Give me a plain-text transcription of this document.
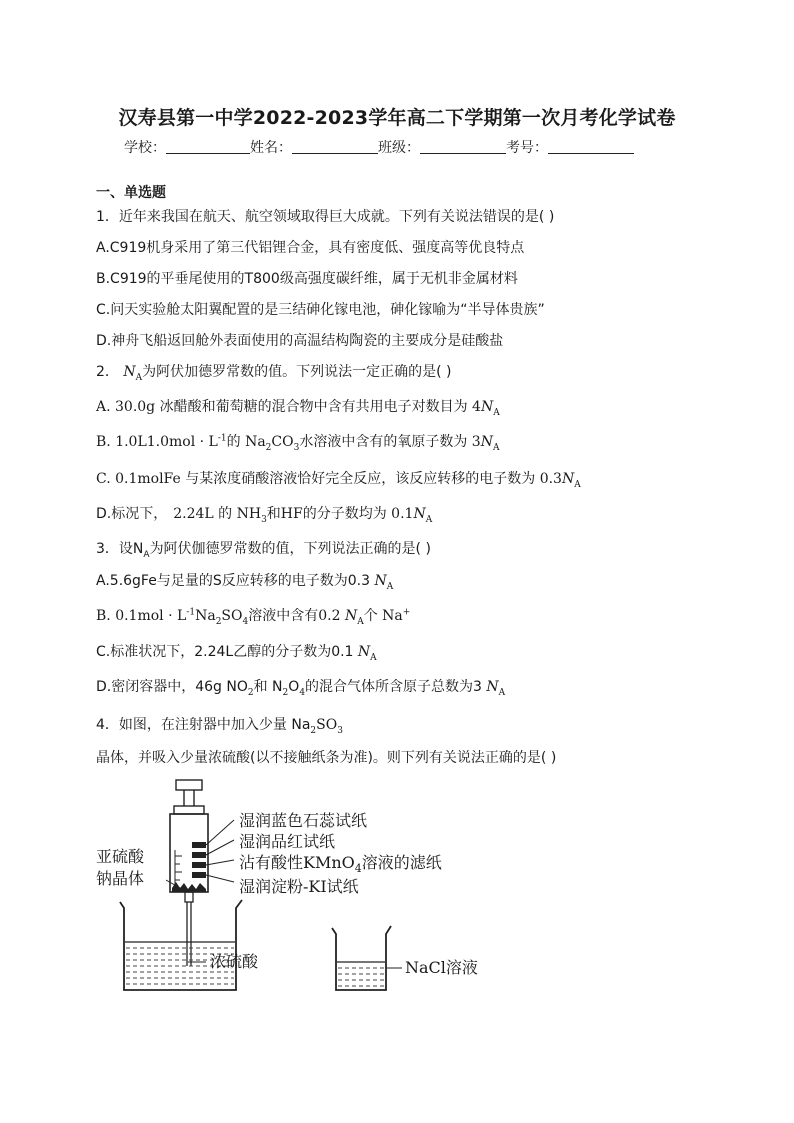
汉寿县第一中学2022-2023学年高二下学期第一次月考化学试卷
学校：	姓名：	班级：	考号：
一、单选题
1．近年来我国在航天、航空领域取得巨大成就。下列有关说法错误的是( )
A.C919机身采用了第三代铝锂合金，具有密度低、强度高等优良特点
B.C919的平垂尾使用的T800级高强度碳纤维，属于无机非金属材料
C.问天实验舱太阳翼配置的是三结砷化镓电池，砷化镓喻为“半导体贵族”
D.神舟飞船返回舱外表面使用的高温结构陶瓷的主要成分是硅酸盐
2． $N_A$为阿伏加德罗常数的值。下列说法一定正确的是( )
A. 30.0g 冰醋酸和葡萄糖的混合物中含有共用电子对数目为 $4N_A$
B. $1.0L1.0mol \cdot L^{-1}$的 $Na_2CO_3$水溶液中含有的氧原子数为 $3N_A$
C. 0.1molFe 与某浓度硝酸溶液恰好完全反应，该反应转移的电子数为 $0.3N_A$
D.标况下， 2.24L 的 $NH_3$和HF的分子数均为 $0.1N_A$
3．设$N_A$为阿伏伽德罗常数的值，下列说法正确的是( )
A.5.6gFe与足量的S反应转移的电子数为0.3 $N_A$
B. $0.1mol \cdot L^{-1}Na_2SO_4$溶液中含有0.2 $N_A$个 Na+
C.标准状况下，2.24L乙醇的分子数为0.1 $N_A$
D.密闭容器中，46g $NO_2$和 $N_2O_4$的混合气体所含原子总数为3 $N_A$
4．如图，在注射器中加入少量 $Na_2SO_3$
晶体，并吸入少量浓硫酸(以不接触纸条为准)。则下列有关说法正确的是( )
湿润蓝色石蕊试纸
湿润品红试纸
沾有酸性KMnO$_4$溶液的滤纸
湿润淀粉-KI试纸
亚硫酸
钠晶体
浓硫酸	NaCl溶液
